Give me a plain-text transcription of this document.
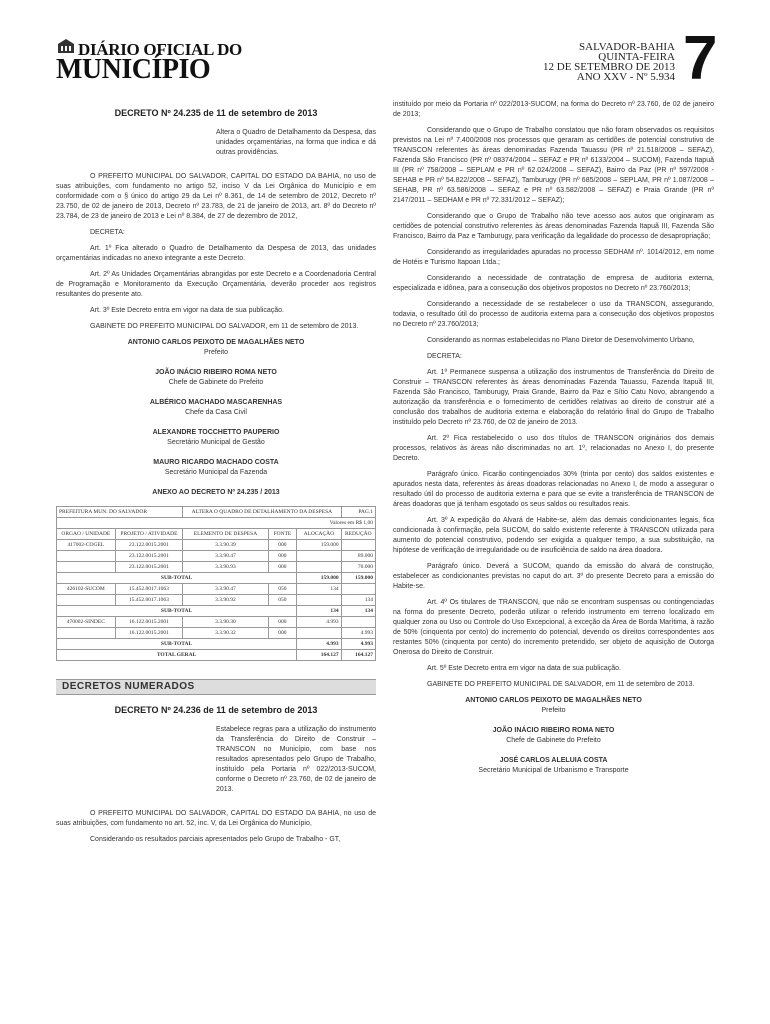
DIÁRIO OFICIAL DO
MUNICÍPIO
SALVADOR-BAHIA
QUINTA-FEIRA
12 DE SETEMBRO DE 2013
ANO XXV - Nº 5.934 7
DECRETO Nº 24.235 de 11 de setembro de 2013

Altera o Quadro de Detalhamento da Despesa, das unidades orçamentárias, na forma que indica e dá outras providências.

O PREFEITO MUNICIPAL DO SALVADOR, CAPITAL DO ESTADO DA BAHIA, no uso de suas atribuições, com fundamento no artigo 52, inciso V da Lei Orgânica do Município e em conformidade com o § único do artigo 29 da Lei nº 8.361, de 14 de setembro de 2012, Decreto nº 23.750, de 02 de janeiro de 2013, Decreto nº 23.783, de 21 de janeiro de 2013, art. 8º do Decreto nº 23.784, de 23 de janeiro de 2013 e Lei nº 8.384, de 27 de dezembro de 2012,

DECRETA:

Art. 1º Fica alterado o Quadro de Detalhamento da Despesa de 2013, das unidades orçamentárias indicadas no anexo integrante a este Decreto.

Art. 2º As Unidades Orçamentárias abrangidas por este Decreto e a Coordenadoria Central de Programação e Monitoramento da Execução Orçamentária, deverão proceder aos registros resultantes do presente ato.

Art. 3º Este Decreto entra em vigor na data de sua publicação.

GABINETE DO PREFEITO MUNICIPAL DO SALVADOR, em 11 de setembro de 2013.

ANTONIO CARLOS PEIXOTO DE MAGALHÃES NETO

Prefeito

JOÃO INÁCIO RIBEIRO ROMA NETO

Chefe de Gabinete do Prefeito

ALBÉRICO MACHADO MASCARENHAS

Chefe da Casa Civil

ALEXANDRE TOCCHETTO PAUPERIO

Secretário Municipal de Gestão

MAURO RICARDO MACHADO COSTA

Secretário Municipal da Fazenda

ANEXO AO DECRETO Nº 24.235 / 2013
PREFEITURA MUN. DO SALVADOR		ALTERA O QUADRO DE DETALHAMENTO DA DESPESA			PAG.1
Valores em R$ 1,00					
ORGAO / UNIDADE	PROJETO / ATIVIDADE	ELEMENTO DE DESPESA	FONTE	ALOCAÇÃO	REDUÇÃO
417002-COGEL	23.122.0015.2001	3.3.90.39	000	159.000	
	23.122.0015.2001	3.3.90.47	000		89.000
	23.122.0015.2001	3.3.90.93	000		70.000
SUB-TOTAL				159.000	159.000
426102-SUCOM	15.452.0017.1063	3.3.90.47	050	134	
	15.452.0017.1063	3.3.90.92	050		134
SUB-TOTAL				134	134
470002-SINDEC	16.122.0015.2001	3.3.90.30	000	4.993	
	16.122.0015.2001	3.3.90.32	000		4.993
SUB-TOTAL				4.993	4.993
TOTAL GERAL				164.127	164.127
DECRETOS NUMERADOS
DECRETO Nº 24.236 de 11 de setembro de 2013

Estabelece regras para a utilização do instrumento da Transferência do Direito de Construir – TRANSCON no Município, com base nos resultados apresentados pelo Grupo de Trabalho, instituído pela Portaria nº 022/2013-SUCOM, conforme o Decreto nº 23.760, de 02 de janeiro de 2013.

O PREFEITO MUNICIPAL DO SALVADOR, CAPITAL DO ESTADO DA BAHIA, no uso de suas atribuições, com fundamento no art. 52, inc. V, da Lei Orgânica do Município,

Considerando os resultados parciais apresentados pelo Grupo de Trabalho - GT,

instituído por meio da Portaria nº 022/2013-SUCOM, na forma do Decreto nº 23.760, de 02 de janeiro de 2013;

Considerando que o Grupo de Trabalho constatou que não foram observados os requisitos previstos na Lei nº 7.400/2008 nos processos que geraram as certidões de potencial construtivo de TRANSCON referentes às áreas denominadas Fazenda Tauassu (PR nº 21.518/2008 – SEFAZ), Fazenda São Francisco (PR nº 08374/2004 – SEFAZ e PR nº 6133/2004 – SUCOM), Fazenda Itapuã III (PR nº 758/2008 – SEPLAM e PR nº 62.024/2008 – SEFAZ), Bairro da Paz (PR nº 597/2008 - SEHAB e PR nº 54.822/2008 – SEFAZ), Tamburugy (PR nº 685/2008 – SEPLAM, PR nº 1.087/2008 – SEHAB, PR nº 63.586/2008 – SEFAZ e PR nº 63.582/2008 – SEFAZ) e Praia Grande (PR nº 2147/2011 – SEDHAM e PR nº 72.331/2012 – SEFAZ);

Considerando que o Grupo de Trabalho não teve acesso aos autos que originaram as certidões de potencial construtivo referentes às áreas denominadas Fazenda Itapuã III, Fazenda São Francisco, Bairro da Paz e Tamburugy, para verificação da legalidade do processo de desapropriação;

Considerando as irregularidades apuradas no processo SEDHAM nº. 1014/2012, em nome de Hotéis e Turismo Itapoan Ltda.;

Considerando a necessidade de contratação de empresa de auditoria externa, especializada e idônea, para a consecução dos objetivos propostos no Decreto nº 23.760/2013;

Considerando a necessidade de se restabelecer o uso da TRANSCON, assegurando, todavia, o resultado útil do processo de auditoria externa para a consecução dos objetivos propostos no Decreto nº 23.760/2013;

Considerando as normas estabelecidas no Plano Diretor de Desenvolvimento Urbano,

DECRETA:

Art. 1º Permanece suspensa a utilização dos instrumentos de Transferência do Direito de Construir – TRANSCON referentes às áreas denominadas Fazenda Tauassu, Fazenda Itapuã III, Fazenda São Francisco, Tamburugy, Praia Grande, Bairro da Paz e Sítio Catu Novo, abrangendo a autorização da transferência e o fornecimento de certidões relativas ao direito de construir até a conclusão dos trabalhos de auditoria externa e elaboração do relatório final do Grupo de Trabalho instituído pelo Decreto nº 23.760, de 02 de janeiro de 2013.

Art. 2º Fica restabelecido o uso dos títulos de TRANSCON originários dos demais processos, relativos às áreas não discriminadas no art. 1º, relacionadas no Anexo I, do presente Decreto.

Parágrafo único. Ficarão contingenciados 30% (trinta por cento) dos saldos existentes e apurados nesta data, referentes às áreas doadoras relacionadas no Anexo I, de modo a assegurar o resultado útil do processo de auditoria externa e para que se evite a transferência de TRANSCON de áreas doadoras que já tenham esgotado os seus saldos ou resultados reais.

Art. 3º A expedição do Alvará de Habite-se, além das demais condicionantes legais, fica condicionada à confirmação, pela SUCOM, do saldo existente referente à TRANSCON utilizada para aumento do potencial construtivo, podendo ser exigida a qualquer tempo, a sua substituição, na hipótese de verificação de irregularidade ou de insuficiência de saldo na área doadora.

Parágrafo único. Deverá a SUCOM, quando da emissão do alvará de construção, estabelecer as condicionantes previstas no caput do art. 3º do presente Decreto para a emissão do Habite-se.

Art. 4º Os titulares de TRANSCON, que não se encontram suspensas ou contingenciadas na forma do presente Decreto, poderão utilizar o referido instrumento em terreno localizado em qualquer zona ou Uso ou Controle do Uso Excepcional, à exceção da Área de Borda Marítima, à razão de 50% (cinquenta por cento) do incremento do potencial, devendo os direitos correspondentes aos restantes 50% (cinquenta por cento) do incremento pretendido, ser objeto de aquisição de Outorga Onerosa do Direito de Construir.

Art. 5º Este Decreto entra em vigor na data de sua publicação.

GABINETE DO PREFEITO MUNICIPAL DE SALVADOR, em 11 de setembro de 2013.

ANTONIO CARLOS PEIXOTO DE MAGALHÃES NETO

Prefeito

JOÃO INÁCIO RIBEIRO ROMA NETO

Chefe de Gabinete do Prefeito

JOSÉ CARLOS ALELUIA COSTA

Secretário Municipal de Urbanismo e Transporte
